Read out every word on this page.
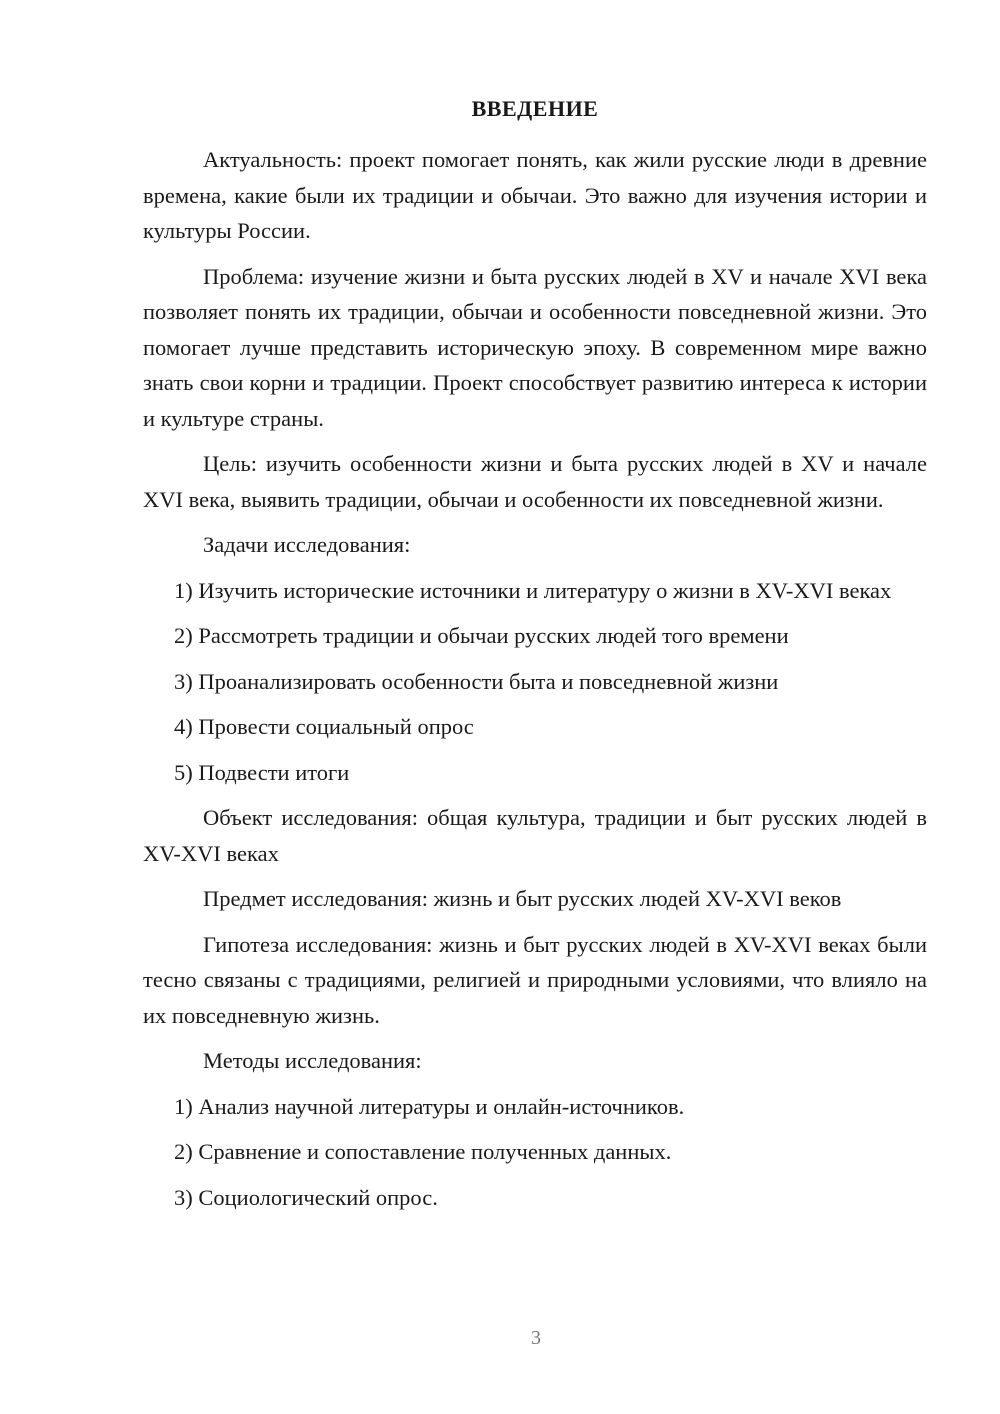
ВВЕДЕНИЕ

Актуальность: проект помогает понять, как жили русские люди в древние времена, какие были их традиции и обычаи. Это важно для изучения истории и культуры России.

Проблема: изучение жизни и быта русских людей в XV и начале XVI века позволяет понять их традиции, обычаи и особенности повседневной жизни. Это помогает лучше представить историческую эпоху. В современном мире важно знать свои корни и традиции. Проект способствует развитию интереса к истории и культуре страны.

Цель: изучить особенности жизни и быта русских людей в XV и начале XVI века, выявить традиции, обычаи и особенности их повседневной жизни.

Задачи исследования:

1) Изучить исторические источники и литературу о жизни в XV-XVI веках

2) Рассмотреть традиции и обычаи русских людей того времени

3) Проанализировать особенности быта и повседневной жизни

4) Провести социальный опрос

5) Подвести итоги

Объект исследования: общая культура, традиции и быт русских людей в XV-XVI веках

Предмет исследования: жизнь и быт русских людей XV-XVI веков

Гипотеза исследования: жизнь и быт русских людей в XV-XVI веках были тесно связаны с традициями, религией и природными условиями, что влияло на их повседневную жизнь.

Методы исследования:

1) Анализ научной литературы и онлайн-источников.

2) Сравнение и сопоставление полученных данных.

3) Социологический опрос.

3
